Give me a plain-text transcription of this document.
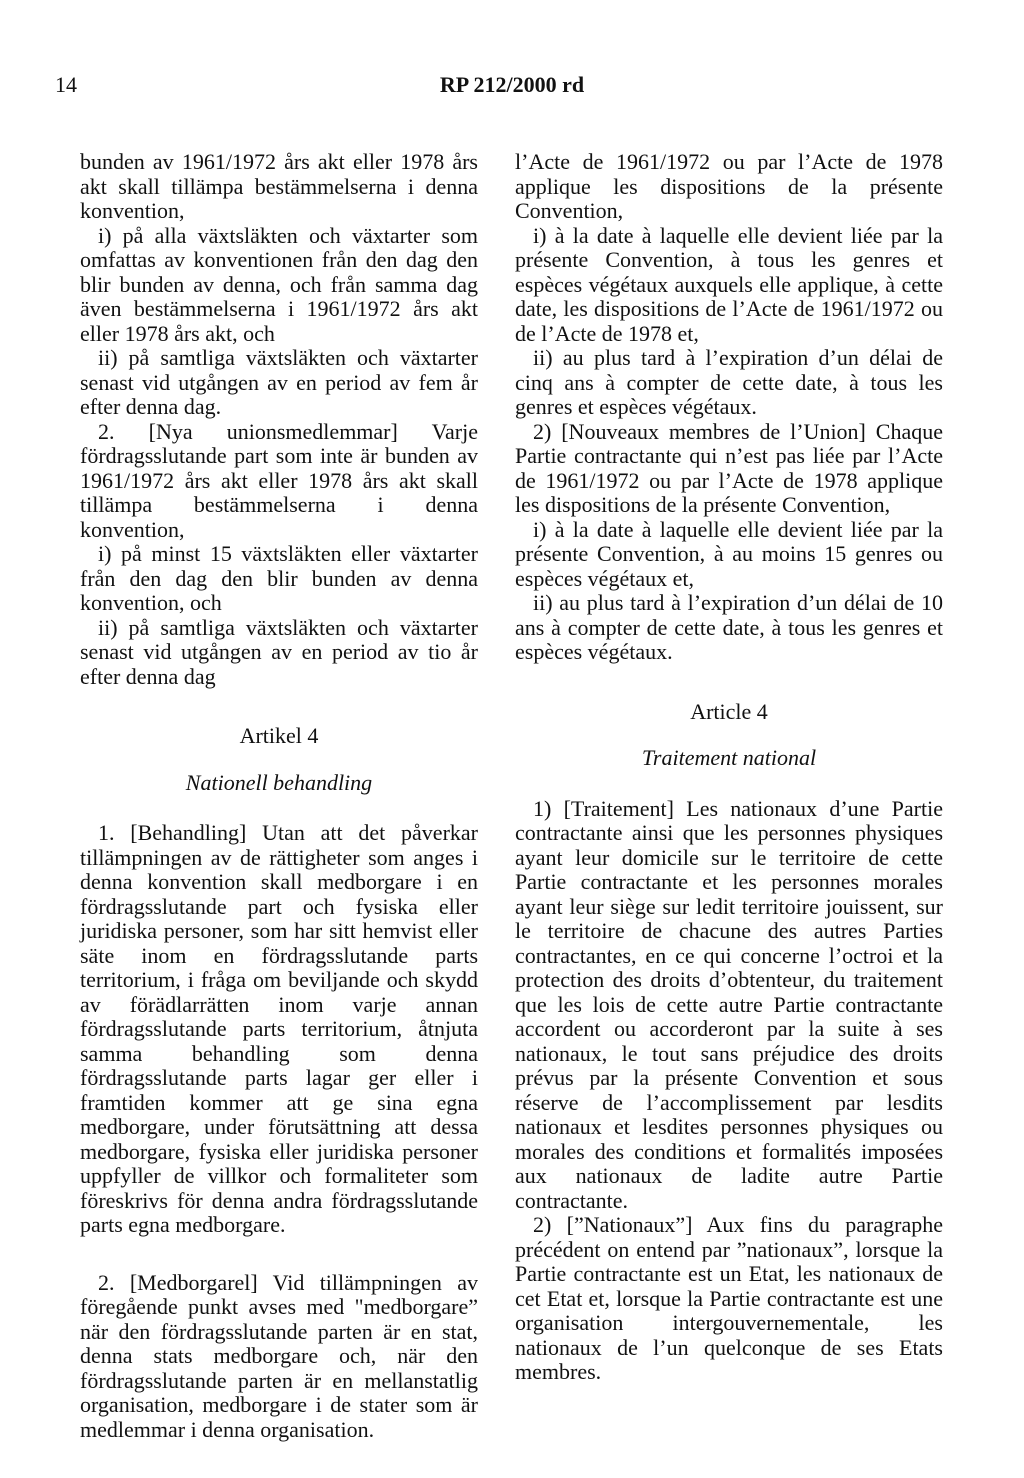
14	RP 212/2000 rd

bunden av 1961/1972 års akt eller 1978 års akt skall tillämpa bestämmelserna i denna konvention,

i) på alla växtsläkten och växtarter som omfattas av konventionen från den dag den blir bunden av denna, och från samma dag även bestämmelserna i 1961/1972 års akt eller 1978 års akt, och

ii) på samtliga växtsläkten och växtarter senast vid utgången av en period av fem år efter denna dag.

2. [Nya unionsmedlemmar] Varje fördragsslutande part som inte är bunden av 1961/1972 års akt eller 1978 års akt skall tillämpa bestämmelserna i denna konvention,

i) på minst 15 växtsläkten eller växtarter från den dag den blir bunden av denna konvention, och

ii) på samtliga växtsläkten och växtarter senast vid utgången av en period av tio år efter denna dag

Artikel 4

Nationell behandling

1. [Behandling] Utan att det påverkar tillämpningen av de rättigheter som anges i denna konvention skall medborgare i en fördragsslutande part och fysiska eller juridiska personer, som har sitt hemvist eller säte inom en fördragsslutande parts territorium, i fråga om beviljande och skydd av förädlarrätten inom varje annan fördragsslutande parts territorium, åtnjuta samma behandling som denna fördragsslutande parts lagar ger eller i framtiden kommer att ge sina egna medborgare, under förutsättning att dessa medborgare, fysiska eller juridiska personer uppfyller de villkor och formaliteter som föreskrivs för denna andra fördragsslutande parts egna medborgare.

2. [Medborgarel] Vid tillämpningen av föregående punkt avses med "medborgare” när den fördragsslutande parten är en stat, denna stats medborgare och, när den fördragsslutande parten är en mellanstatlig organisation, medborgare i de stater som är medlemmar i denna organisation.

l’Acte de 1961/1972 ou par l’Acte de 1978 applique les dispositions de la présente Convention,

i) à la date à laquelle elle devient liée par la présente Convention, à tous les genres et espèces végétaux auxquels elle applique, à cette date, les dispositions de l’Acte de 1961/1972 ou de l’Acte de 1978 et,

ii) au plus tard à l’expiration d’un délai de cinq ans à compter de cette date, à tous les genres et espèces végétaux.

2) [Nouveaux membres de l’Union] Chaque Partie contractante qui n’est pas liée par l’Acte de 1961/1972 ou par l’Acte de 1978 applique les dispositions de la présente Convention,

i) à la date à laquelle elle devient liée par la présente Convention, à au moins 15 genres ou espèces végétaux et,

ii) au plus tard à l’expiration d’un délai de 10 ans à compter de cette date, à tous les genres et espèces végétaux.

Article 4

Traitement national

1) [Traitement] Les nationaux d’une Partie contractante ainsi que les personnes physiques ayant leur domicile sur le territoire de cette Partie contractante et les personnes morales ayant leur siège sur ledit territoire jouissent, sur le territoire de chacune des autres Parties contractantes, en ce qui concerne l’octroi et la protection des droits d’obtenteur, du traitement que les lois de cette autre Partie contractante accordent ou accorderont par la suite à ses nationaux, le tout sans préjudice des droits prévus par la présente Convention et sous réserve de l’accomplissement par lesdits nationaux et lesdites personnes physiques ou morales des conditions et formalités imposées aux nationaux de ladite autre Partie contractante.

2) [”Nationaux”] Aux fins du paragraphe précédent on entend par ”nationaux”, lorsque la Partie contractante est un Etat, les nationaux de cet Etat et, lorsque la Partie contractante est une organisation intergouvernementale, les nationaux de l’un quelconque de ses Etats membres.
